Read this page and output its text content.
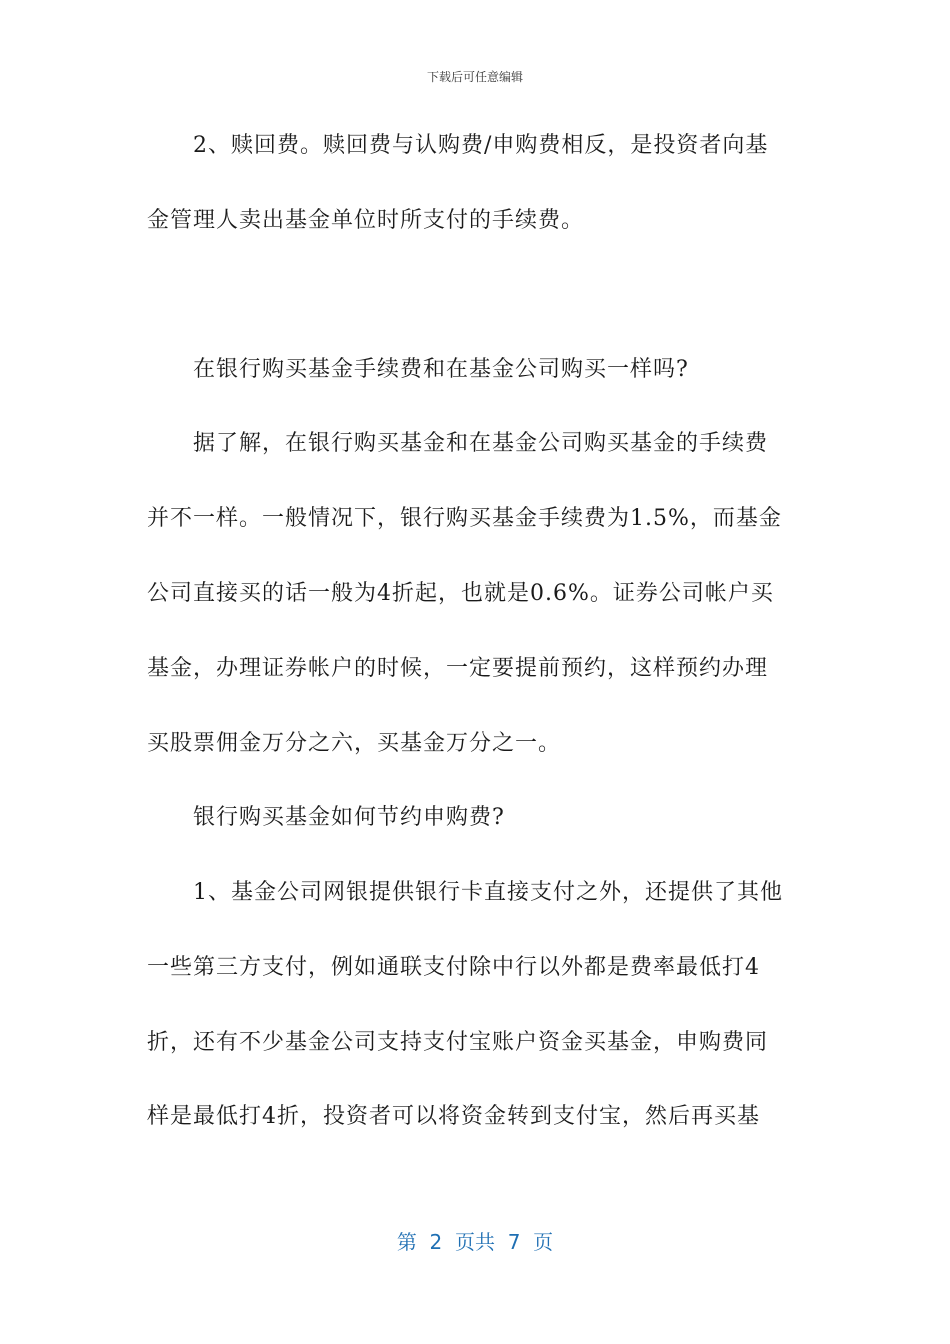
下载后可任意编辑
2、赎回费。赎回费与认购费/申购费相反，是投资者向基
金管理人卖出基金单位时所支付的手续费。
在银行购买基金手续费和在基金公司购买一样吗?
据了解，在银行购买基金和在基金公司购买基金的手续费
并不一样。一般情况下，银行购买基金手续费为1.5%，而基金
公司直接买的话一般为4折起，也就是0.6%。证券公司帐户买
基金，办理证券帐户的时候，一定要提前预约，这样预约办理
买股票佣金万分之六，买基金万分之一。
银行购买基金如何节约申购费?
1、基金公司网银提供银行卡直接支付之外，还提供了其他
一些第三方支付，例如通联支付除中行以外都是费率最低打4
折，还有不少基金公司支持支付宝账户资金买基金，申购费同
样是最低打4折，投资者可以将资金转到支付宝，然后再买基
第  2  页共  7  页
